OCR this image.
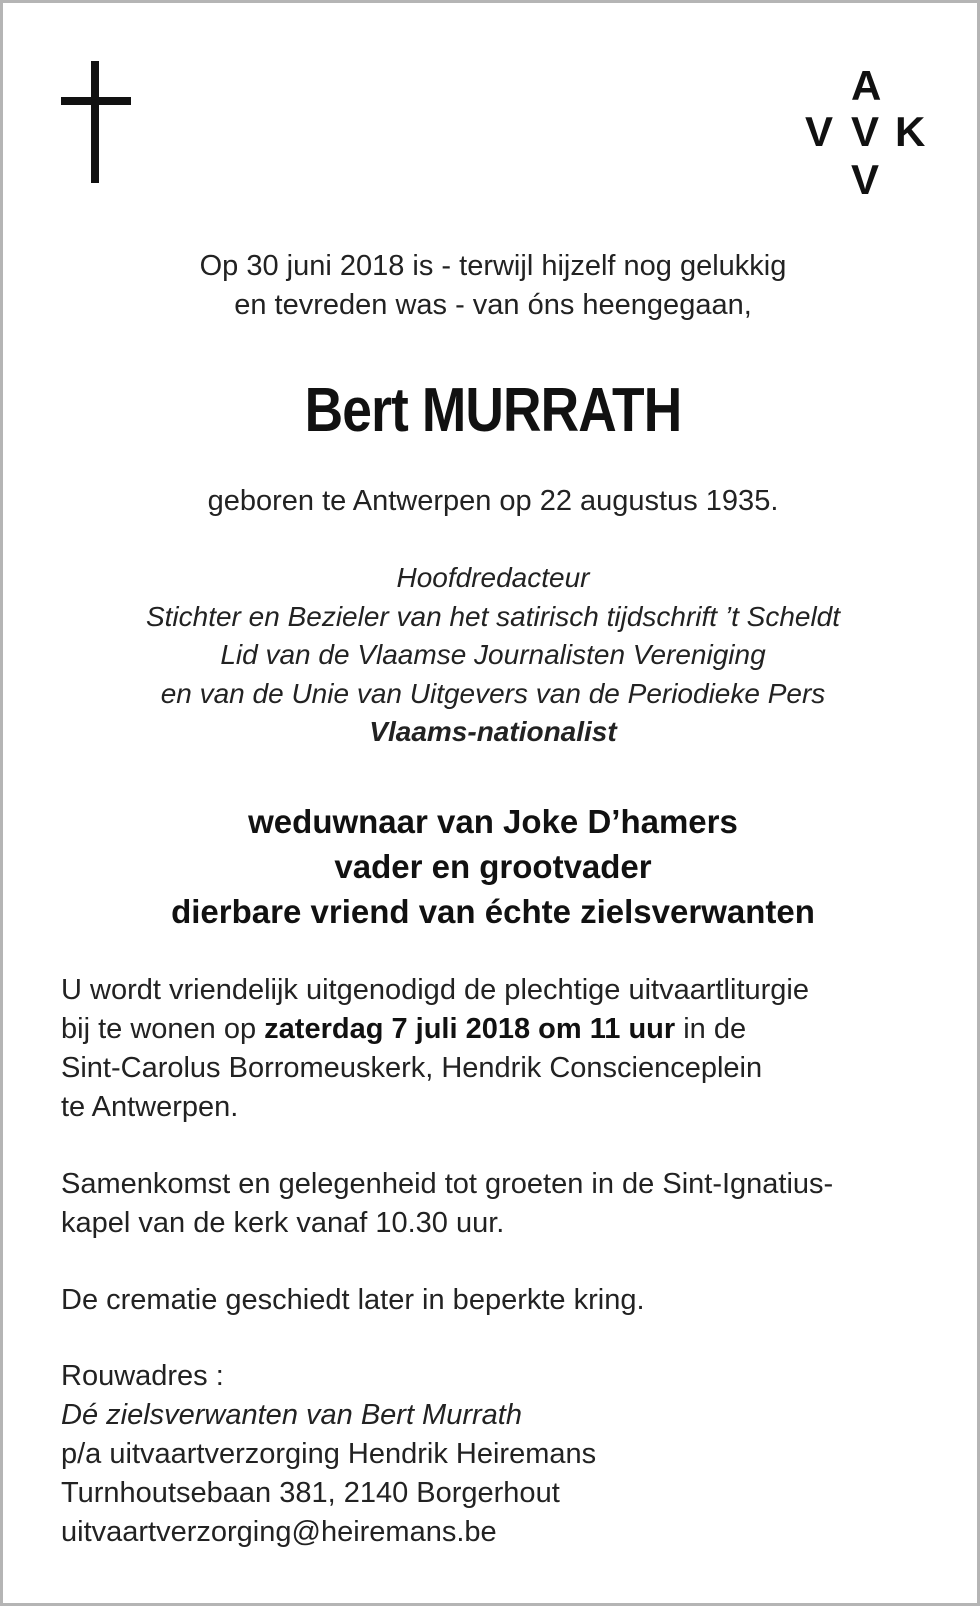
A
V V K
V
Op 30 juni 2018 is - terwijl hijzelf nog gelukkig
en tevreden was - van óns heengegaan,
Bert MURRATH
geboren te Antwerpen op 22 augustus 1935.
Hoofdredacteur
Stichter en Bezieler van het satirisch tijdschrift ’t Scheldt
Lid van de Vlaamse Journalisten Vereniging
en van de Unie van Uitgevers van de Periodieke Pers
Vlaams-nationalist
weduwnaar van Joke D’hamers
vader en grootvader
dierbare vriend van échte zielsverwanten
U wordt vriendelijk uitgenodigd de plechtige uitvaartliturgie
bij te wonen op zaterdag 7 juli 2018 om 11 uur in de
Sint-Carolus Borromeuskerk, Hendrik Conscienceplein
te Antwerpen.
Samenkomst en gelegenheid tot groeten in de Sint-Ignatius-
kapel van de kerk vanaf 10.30 uur.
De crematie geschiedt later in beperkte kring.
Rouwadres :
Dé zielsverwanten van Bert Murrath
p/a uitvaartverzorging Hendrik Heiremans
Turnhoutsebaan 381, 2140 Borgerhout
uitvaartverzorging@heiremans.be
